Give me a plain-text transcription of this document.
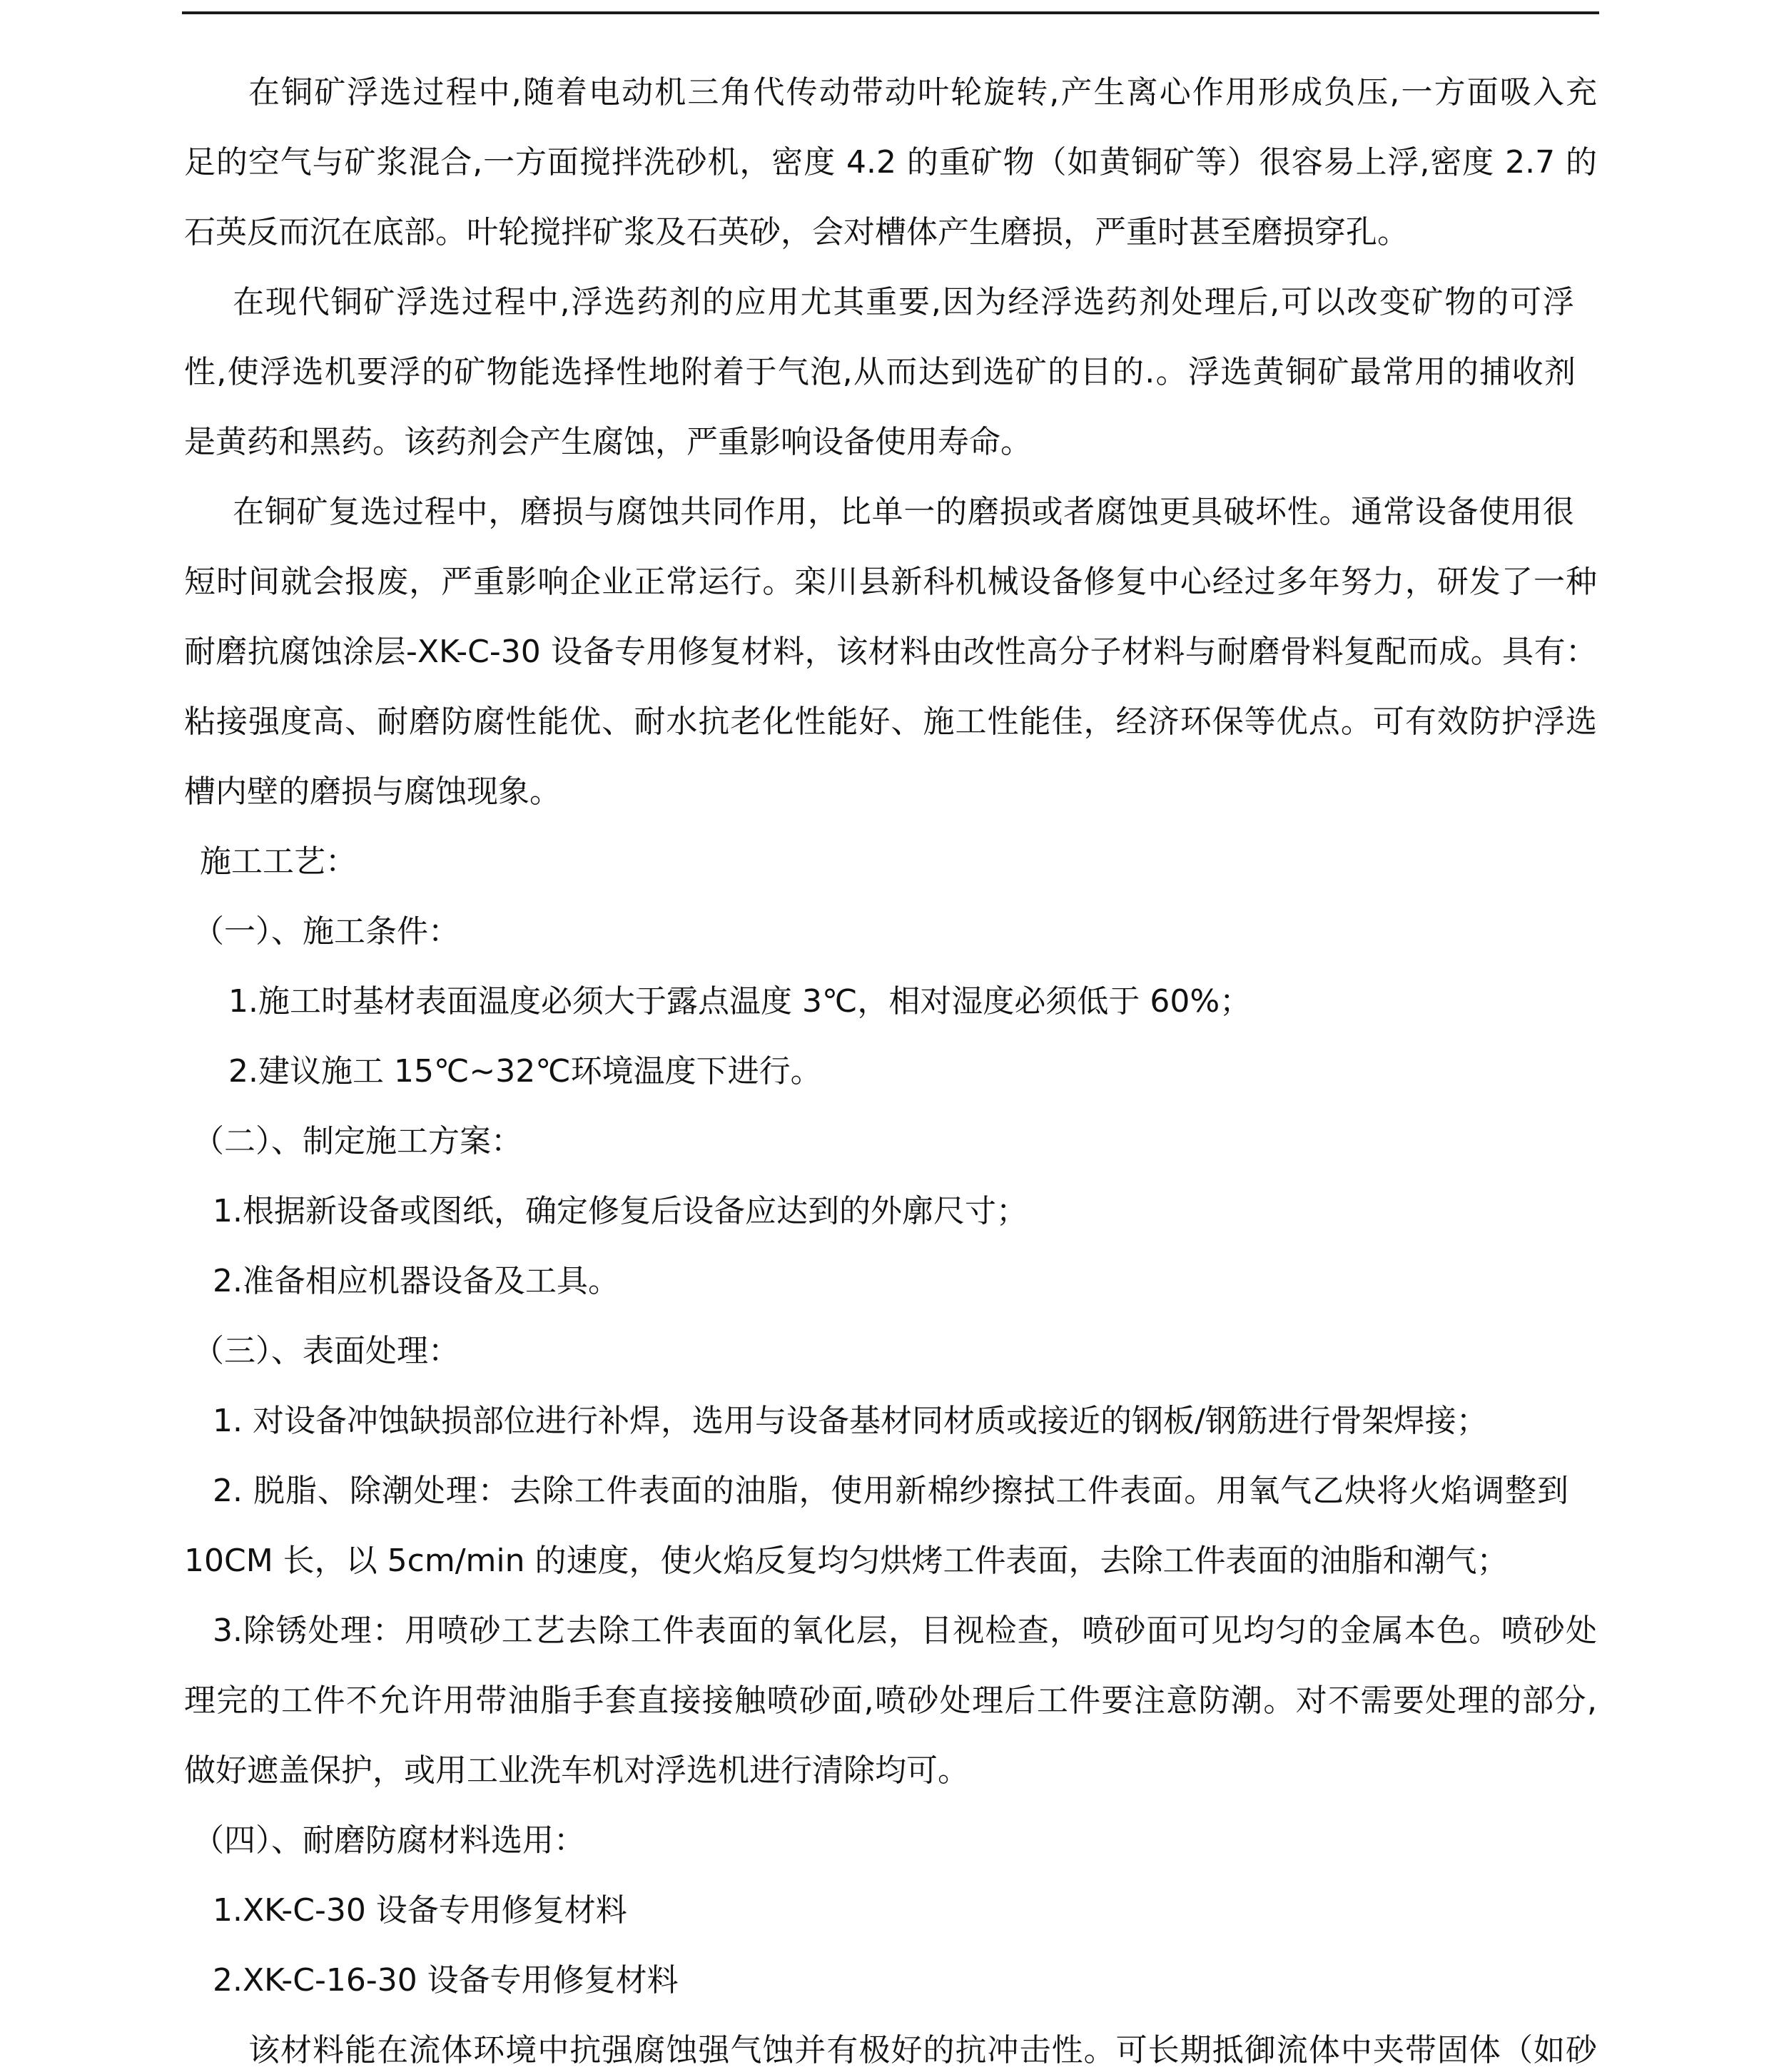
在铜矿浮选过程中,随着电动机三角代传动带动叶轮旋转,产生离心作用形成负压,一方面吸入充
足的空气与矿浆混合,一方面搅拌洗砂机，密度 4.2 的重矿物（如黄铜矿等）很容易上浮,密度 2.7 的
石英反而沉在底部。叶轮搅拌矿浆及石英砂，会对槽体产生磨损，严重时甚至磨损穿孔。
在现代铜矿浮选过程中,浮选药剂的应用尤其重要,因为经浮选药剂处理后,可以改变矿物的可浮
性,使浮选机要浮的矿物能选择性地附着于气泡,从而达到选矿的目的.。浮选黄铜矿最常用的捕收剂
是黄药和黑药。该药剂会产生腐蚀，严重影响设备使用寿命。
在铜矿复选过程中，磨损与腐蚀共同作用，比单一的磨损或者腐蚀更具破坏性。通常设备使用很
短时间就会报废，严重影响企业正常运行。栾川县新科机械设备修复中心经过多年努力，研发了一种
耐磨抗腐蚀涂层-XK-C-30 设备专用修复材料，该材料由改性高分子材料与耐磨骨料复配而成。具有：
粘接强度高、耐磨防腐性能优、耐水抗老化性能好、施工性能佳，经济环保等优点。可有效防护浮选
槽内壁的磨损与腐蚀现象。
施工工艺：
（一）、施工条件：
1.施工时基材表面温度必须大于露点温度 3℃，相对湿度必须低于 60%；
2.建议施工 15℃~32℃环境温度下进行。
（二）、制定施工方案：
1.根据新设备或图纸，确定修复后设备应达到的外廓尺寸；
2.准备相应机器设备及工具。
（三）、表面处理：
1. 对设备冲蚀缺损部位进行补焊，选用与设备基材同材质或接近的钢板/钢筋进行骨架焊接；
2. 脱脂、除潮处理：去除工件表面的油脂，使用新棉纱擦拭工件表面。用氧气乙炔将火焰调整到
10CM 长，以 5cm/min 的速度，使火焰反复均匀烘烤工件表面，去除工件表面的油脂和潮气；
3.除锈处理：用喷砂工艺去除工件表面的氧化层，目视检查，喷砂面可见均匀的金属本色。喷砂处
理完的工件不允许用带油脂手套直接接触喷砂面,喷砂处理后工件要注意防潮。对不需要处理的部分,
做好遮盖保护，或用工业洗车机对浮选机进行清除均可。
（四）、耐磨防腐材料选用：
1.XK-C-30 设备专用修复材料
2.XK-C-16-30 设备专用修复材料
该材料能在流体环境中抗强腐蚀强气蚀并有极好的抗冲击性。可长期抵御流体中夹带固体（如砂
